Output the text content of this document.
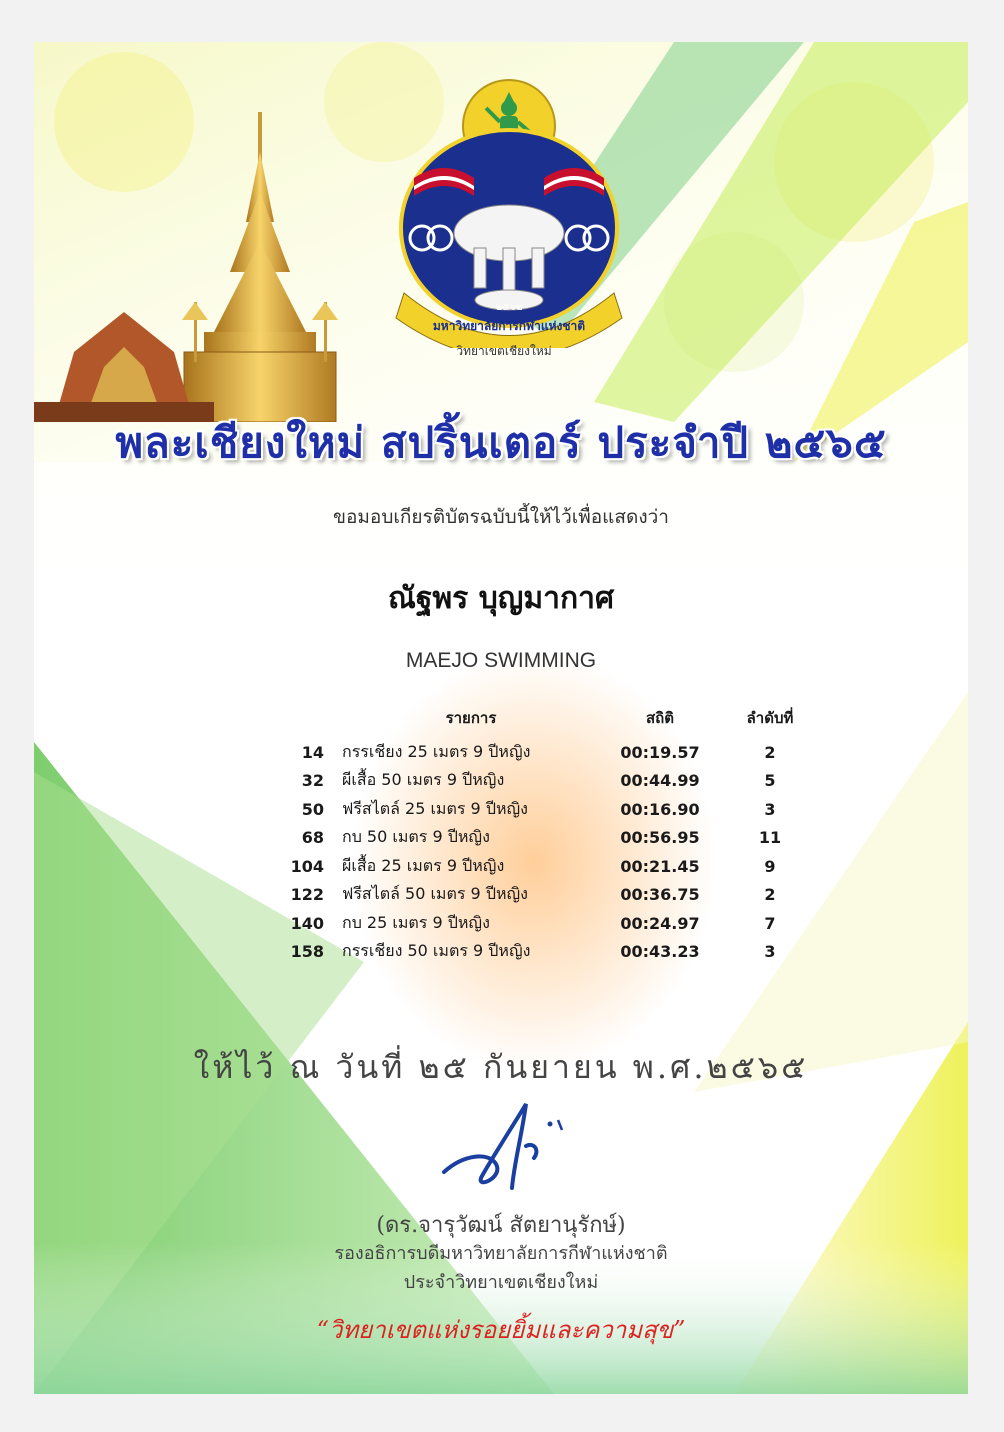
มหาวิทยาลัยการกีฬาแห่งชาติ
๒๕๖๒
วิทยาเขตเชียงใหม่
พละเชียงใหม่ สปริ้นเตอร์ ประจำปี ๒๕๖๕
ขอมอบเกียรติบัตรฉบับนี้ให้ไว้เพื่อแสดงว่า
ณัฐพร บุญมากาศ
MAEJO SWIMMING
	รายการ	สถิติ	ลำดับที่
14	กรรเชียง 25 เมตร 9 ปีหญิง	00:19.57	2
32	ผีเสื้อ 50 เมตร 9 ปีหญิง	00:44.99	5
50	ฟรีสไตล์ 25 เมตร 9 ปีหญิง	00:16.90	3
68	กบ 50 เมตร 9 ปีหญิง	00:56.95	11
104	ผีเสื้อ 25 เมตร 9 ปีหญิง	00:21.45	9
122	ฟรีสไตล์ 50 เมตร 9 ปีหญิง	00:36.75	2
140	กบ 25 เมตร 9 ปีหญิง	00:24.97	7
158	กรรเชียง 50 เมตร 9 ปีหญิง	00:43.23	3
ให้ไว้ ณ วันที่ ๒๕ กันยายน พ.ศ.๒๕๖๕
(ดร.จารุวัฒน์ สัตยานุรักษ์)
รองอธิการบดีมหาวิทยาลัยการกีฬาแห่งชาติ
ประจำวิทยาเขตเชียงใหม่
“วิทยาเขตแห่งรอยยิ้มและความสุข”
